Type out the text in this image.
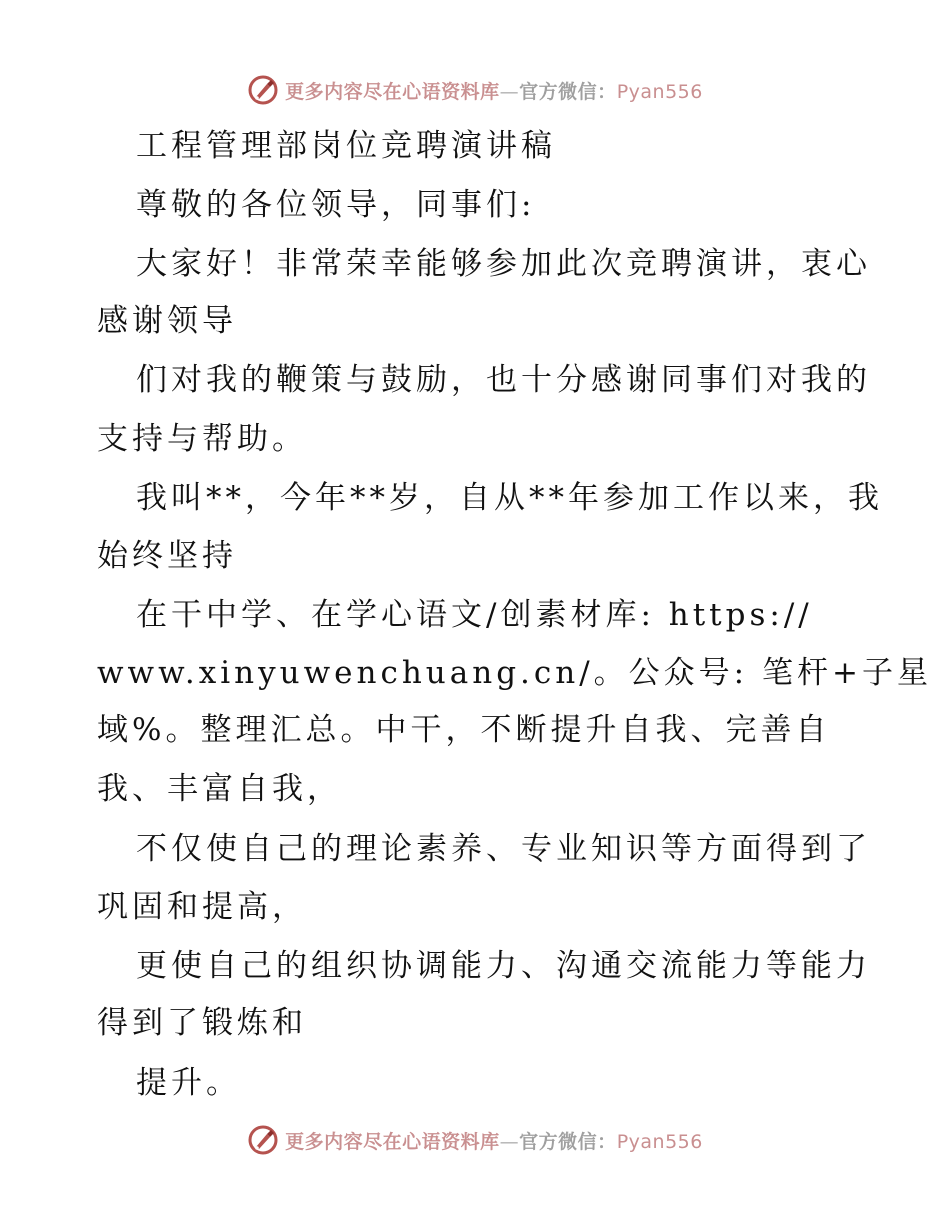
更多内容尽在心语资料库—官方微信：Pyan556
工程管理部岗位竞聘演讲稿
尊敬的各位领导，同事们:
大家好！非常荣幸能够参加此次竞聘演讲，衷心
感谢领导
们对我的鞭策与鼓励，也十分感谢同事们对我的
支持与帮助。
我叫**，今年**岁，自从**年参加工作以来，我
始终坚持
在干中学、在学心语文/创素材库: https://
www.xinyuwenchuang.cn/。公众号: 笔杆+子星
域%。整理汇总。中干，不断提升自我、完善自
我、丰富自我，
不仅使自己的理论素养、专业知识等方面得到了
巩固和提高，
更使自己的组织协调能力、沟通交流能力等能力
得到了锻炼和
提升。
更多内容尽在心语资料库—官方微信：Pyan556
